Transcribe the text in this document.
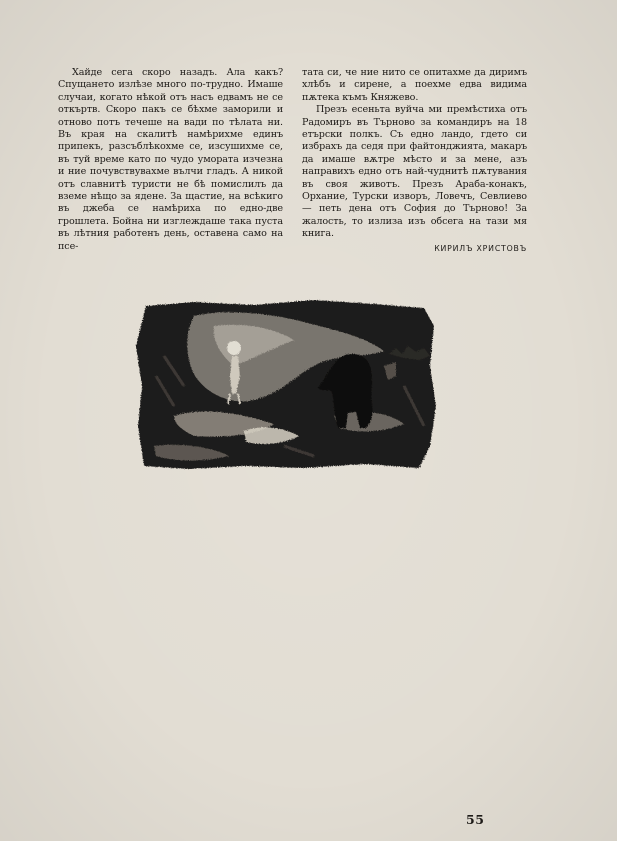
Хайде сега скоро назадъ. Ала какъ? Спущането излѣзе много по-трудно. Имаше случаи, когато нѣкой отъ насъ едвамъ не се откъртв. Скоро пакъ се бѣхме заморили и отново потъ течеше на вади по тѣлата ни. Въ края на скалитѣ намѣрихме единъ припекъ, разсъблѣкохме се, изсушихме се, въ туй време като по чудо умората изчезна и ние почувствувахме вълчи гладъ. А никой отъ славнитѣ туристи не бѣ помислилъ да вземе нѣщо за ядене. За щастие, на всѣкиго въ джеба се намѣриха по едно-две грошлета. Бойна ни изглеждаше така пуста въ лѣтния работенъ день, оставена само на псе-

тата си, че ние нито се опитахме да диримъ хлѣбъ и сирене, а поехме едва видима пѫтека къмъ Княжево.

Презъ есеньта вуйча ми премѣстиха отъ Радомиръ въ Търново за командиръ на 18 етърски полкъ. Съ едно ландо, гдето си избрахъ да седя при файтонджията, макаръ да имаше вѫтре мѣсто и за мене, азъ направихъ едно отъ най-чуднитѣ пѫтувания въ своя животъ. Презъ Араба-конакъ, Орхание, Турски изворъ, Ловечъ, Севлиево — петь дена отъ София до Търново! За жалость, то излиза изъ обсега на тази мя книга.

КИРИЛЪ ХРИСТОВЪ
55
